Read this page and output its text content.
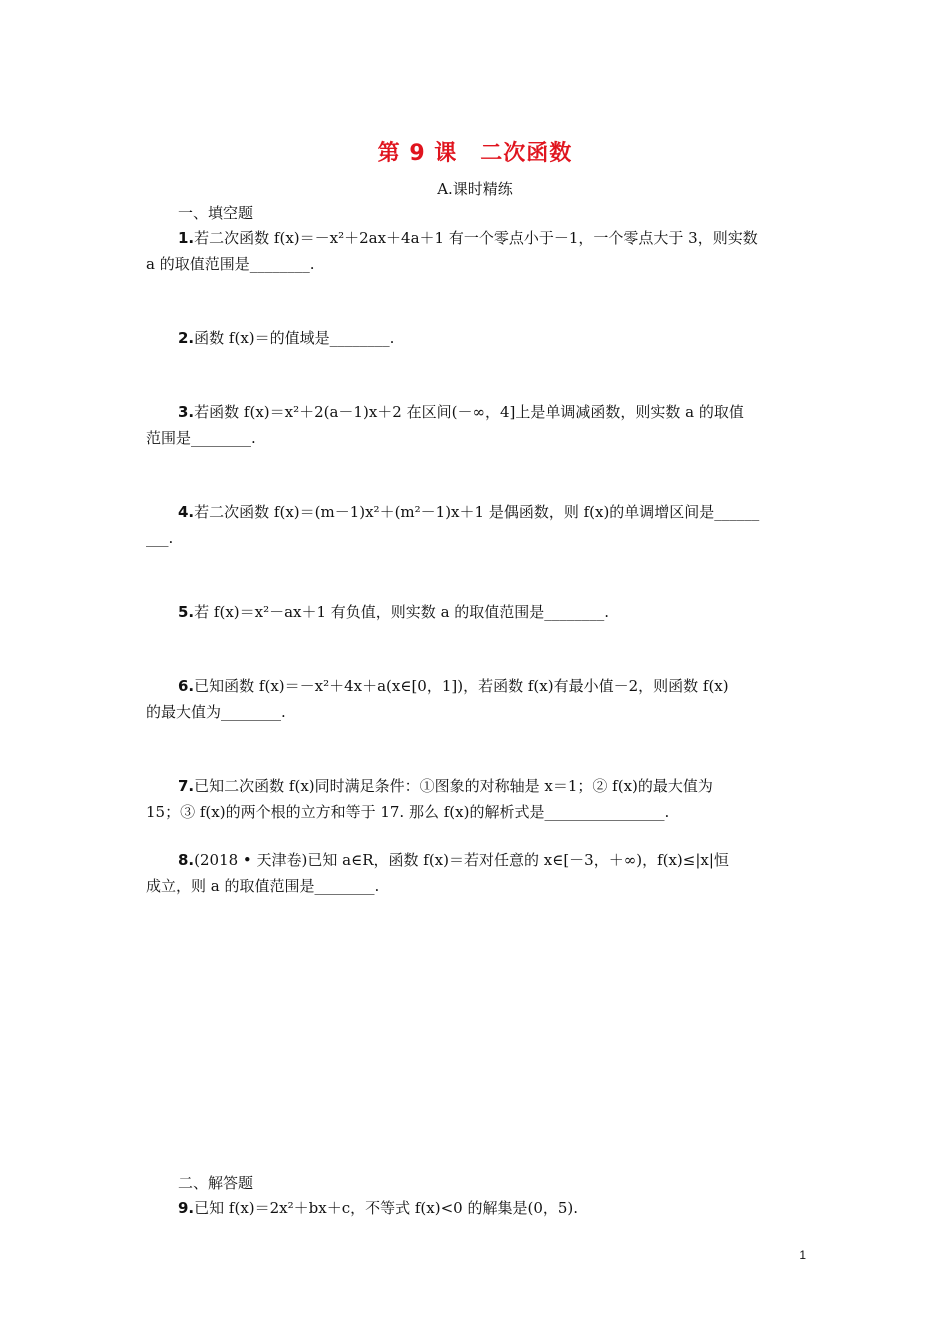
第 9 课　二次函数
A.课时精练
一、填空题
1.若二次函数 f(x)＝－x²＋2ax＋4a＋1 有一个零点小于－1，一个零点大于 3，则实数
a 的取值范围是________.
2.函数 f(x)＝的值域是________.
3.若函数 f(x)＝x²＋2(a－1)x＋2 在区间(－∞，4]上是单调减函数，则实数 a 的取值
范围是________.
4.若二次函数 f(x)＝(m－1)x²＋(m²－1)x＋1 是偶函数，则 f(x)的单调增区间是______
___.
5.若 f(x)＝x²－ax＋1 有负值，则实数 a 的取值范围是________.
6.已知函数 f(x)＝－x²＋4x＋a(x∈[0，1])，若函数 f(x)有最小值－2，则函数 f(x)
的最大值为________.
7.已知二次函数 f(x)同时满足条件：①图象的对称轴是 x＝1；② f(x)的最大值为
15；③ f(x)的两个根的立方和等于 17. 那么 f(x)的解析式是________________.
8.(2018 • 天津卷)已知 a∈R，函数 f(x)＝若对任意的 x∈[－3，＋∞)，f(x)≤|x|恒
成立，则 a 的取值范围是________.
二、解答题
9.已知 f(x)＝2x²＋bx＋c，不等式 f(x)<0 的解集是(0，5).
1
